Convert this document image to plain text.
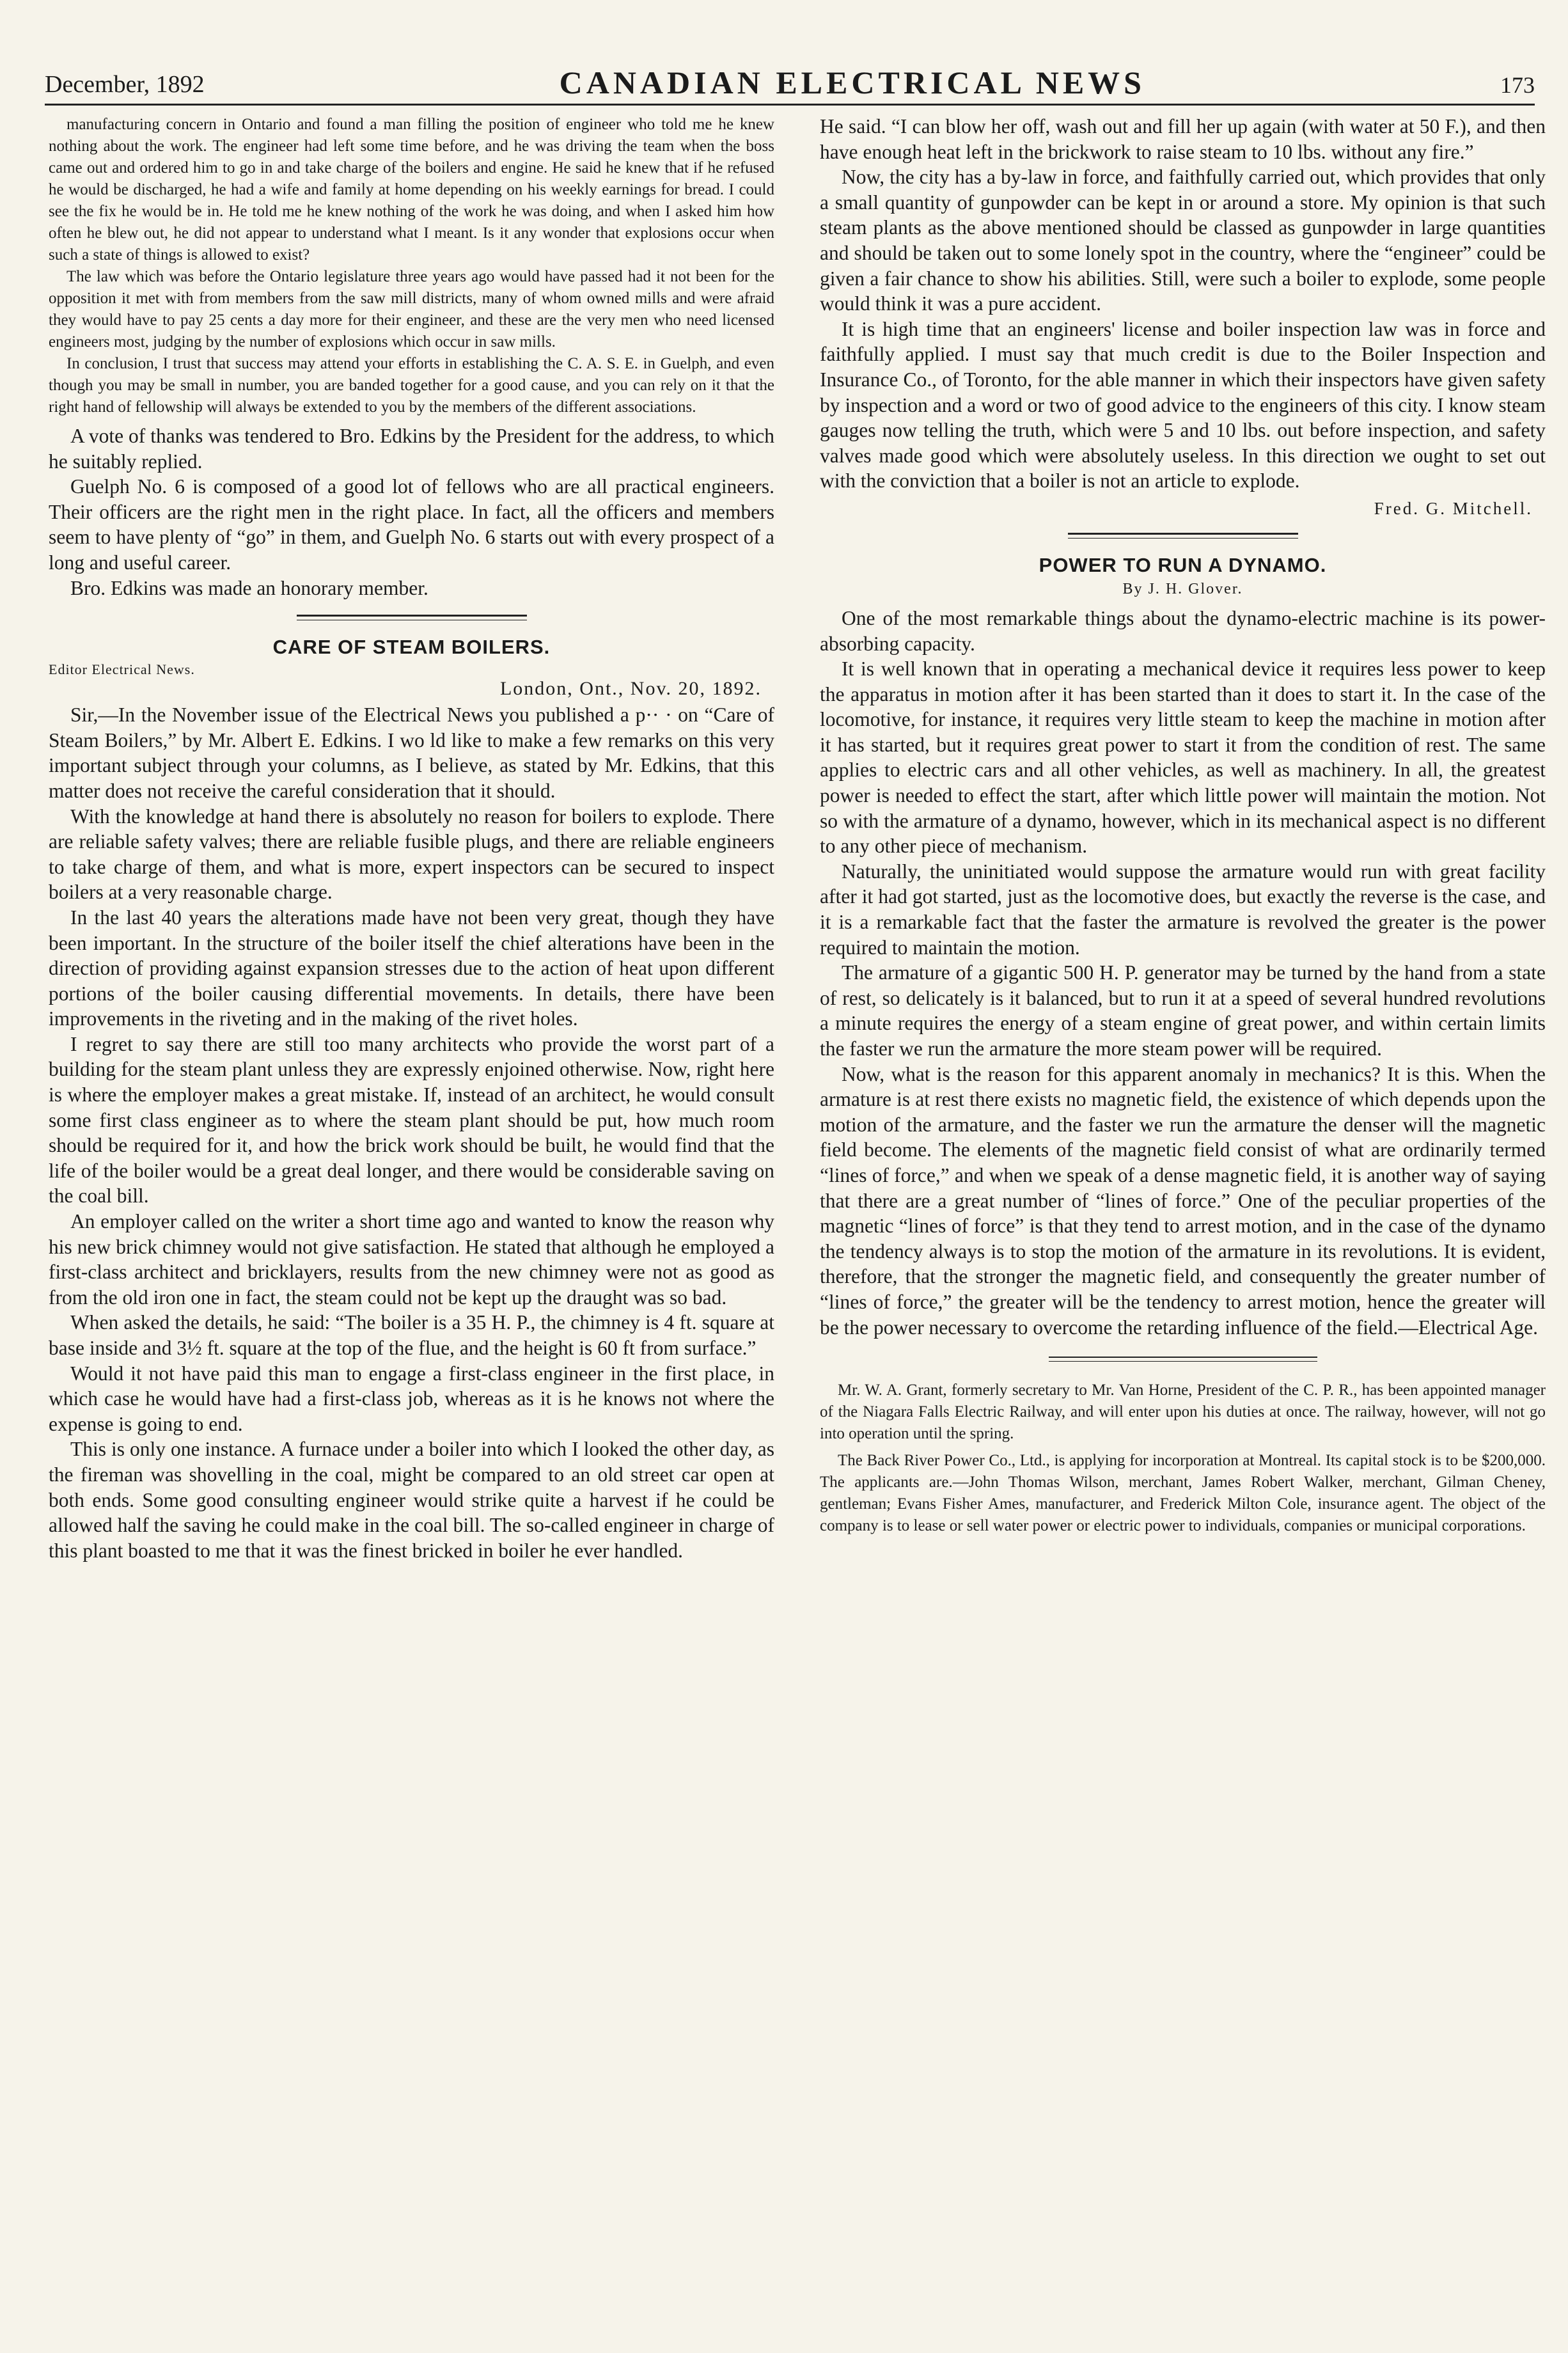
December, 1892	CANADIAN ELECTRICAL NEWS	173

manufacturing concern in Ontario and found a man filling the position of engineer who told me he knew nothing about the work. The engineer had left some time before, and he was driving the team when the boss came out and ordered him to go in and take charge of the boilers and engine. He said he knew that if he refused he would be discharged, he had a wife and family at home depending on his weekly earnings for bread. I could see the fix he would be in. He told me he knew nothing of the work he was doing, and when I asked him how often he blew out, he did not appear to understand what I meant. Is it any wonder that explosions occur when such a state of things is allowed to exist?

The law which was before the Ontario legislature three years ago would have passed had it not been for the opposition it met with from members from the saw mill districts, many of whom owned mills and were afraid they would have to pay 25 cents a day more for their engineer, and these are the very men who need licensed engineers most, judging by the number of explosions which occur in saw mills.

In conclusion, I trust that success may attend your efforts in establishing the C. A. S. E. in Guelph, and even though you may be small in number, you are banded together for a good cause, and you can rely on it that the right hand of fellowship will always be extended to you by the members of the different associations.

A vote of thanks was tendered to Bro. Edkins by the President for the address, to which he suitably replied.

Guelph No. 6 is composed of a good lot of fellows who are all practical engineers. Their officers are the right men in the right place. In fact, all the officers and members seem to have plenty of “go” in them, and Guelph No. 6 starts out with every prospect of a long and useful career.

Bro. Edkins was made an honorary member.

CARE OF STEAM BOILERS.
Editor Electrical News.
London, Ont., Nov. 20, 1892.

Sir,—In the November issue of the Electrical News you published a p·· · on “Care of Steam Boilers,” by Mr. Albert E. Edkins. I wo ld like to make a few remarks on this very important subject through your columns, as I believe, as stated by Mr. Edkins, that this matter does not receive the careful consideration that it should.

With the knowledge at hand there is absolutely no reason for boilers to explode. There are reliable safety valves; there are reliable fusible plugs, and there are reliable engineers to take charge of them, and what is more, expert inspectors can be secured to inspect boilers at a very reasonable charge.

In the last 40 years the alterations made have not been very great, though they have been important. In the structure of the boiler itself the chief alterations have been in the direction of providing against expansion stresses due to the action of heat upon different portions of the boiler causing differential movements. In details, there have been improvements in the riveting and in the making of the rivet holes.

I regret to say there are still too many architects who provide the worst part of a building for the steam plant unless they are expressly enjoined otherwise. Now, right here is where the employer makes a great mistake. If, instead of an architect, he would consult some first class engineer as to where the steam plant should be put, how much room should be required for it, and how the brick work should be built, he would find that the life of the boiler would be a great deal longer, and there would be considerable saving on the coal bill.

An employer called on the writer a short time ago and wanted to know the reason why his new brick chimney would not give satisfaction. He stated that although he employed a first-class architect and bricklayers, results from the new chimney were not as good as from the old iron one in fact, the steam could not be kept up the draught was so bad.

When asked the details, he said: “The boiler is a 35 H. P., the chimney is 4 ft. square at base inside and 3½ ft. square at the top of the flue, and the height is 60 ft from surface.”

Would it not have paid this man to engage a first-class engineer in the first place, in which case he would have had a first-class job, whereas as it is he knows not where the expense is going to end.

This is only one instance. A furnace under a boiler into which I looked the other day, as the fireman was shovelling in the coal, might be compared to an old street car open at both ends. Some good consulting engineer would strike quite a harvest if he could be allowed half the saving he could make in the coal bill. The so-called engineer in charge of this plant boasted to me that it was the finest bricked in boiler he ever handled.

He said. “I can blow her off, wash out and fill her up again (with water at 50 F.), and then have enough heat left in the brickwork to raise steam to 10 lbs. without any fire.”

Now, the city has a by-law in force, and faithfully carried out, which provides that only a small quantity of gunpowder can be kept in or around a store. My opinion is that such steam plants as the above mentioned should be classed as gunpowder in large quantities and should be taken out to some lonely spot in the country, where the “engineer” could be given a fair chance to show his abilities. Still, were such a boiler to explode, some people would think it was a pure accident.

It is high time that an engineers' license and boiler inspection law was in force and faithfully applied. I must say that much credit is due to the Boiler Inspection and Insurance Co., of Toronto, for the able manner in which their inspectors have given safety by inspection and a word or two of good advice to the engineers of this city. I know steam gauges now telling the truth, which were 5 and 10 lbs. out before inspection, and safety valves made good which were absolutely useless. In this direction we ought to set out with the conviction that a boiler is not an article to explode.

Fred. G. Mitchell.
POWER TO RUN A DYNAMO.
By J. H. Glover.

One of the most remarkable things about the dynamo-electric machine is its power-absorbing capacity.

It is well known that in operating a mechanical device it requires less power to keep the apparatus in motion after it has been started than it does to start it. In the case of the locomotive, for instance, it requires very little steam to keep the machine in motion after it has started, but it requires great power to start it from the condition of rest. The same applies to electric cars and all other vehicles, as well as machinery. In all, the greatest power is needed to effect the start, after which little power will maintain the motion. Not so with the armature of a dynamo, however, which in its mechanical aspect is no different to any other piece of mechanism.

Naturally, the uninitiated would suppose the armature would run with great facility after it had got started, just as the locomotive does, but exactly the reverse is the case, and it is a remarkable fact that the faster the armature is revolved the greater is the power required to maintain the motion.

The armature of a gigantic 500 H. P. generator may be turned by the hand from a state of rest, so delicately is it balanced, but to run it at a speed of several hundred revolutions a minute requires the energy of a steam engine of great power, and within certain limits the faster we run the armature the more steam power will be required.

Now, what is the reason for this apparent anomaly in mechanics? It is this. When the armature is at rest there exists no magnetic field, the existence of which depends upon the motion of the armature, and the faster we run the armature the denser will the magnetic field become. The elements of the magnetic field consist of what are ordinarily termed “lines of force,” and when we speak of a dense magnetic field, it is another way of saying that there are a great number of “lines of force.” One of the peculiar properties of the magnetic “lines of force” is that they tend to arrest motion, and in the case of the dynamo the tendency always is to stop the motion of the armature in its revolutions. It is evident, therefore, that the stronger the magnetic field, and consequently the greater number of “lines of force,” the greater will be the tendency to arrest motion, hence the greater will be the power necessary to overcome the retarding influence of the field.—Electrical Age.

Mr. W. A. Grant, formerly secretary to Mr. Van Horne, President of the C. P. R., has been appointed manager of the Niagara Falls Electric Railway, and will enter upon his duties at once. The railway, however, will not go into operation until the spring.

The Back River Power Co., Ltd., is applying for incorporation at Montreal. Its capital stock is to be $200,000. The applicants are.—John Thomas Wilson, merchant, James Robert Walker, merchant, Gilman Cheney, gentleman; Evans Fisher Ames, manufacturer, and Frederick Milton Cole, insurance agent. The object of the company is to lease or sell water power or electric power to individuals, companies or municipal corporations.
